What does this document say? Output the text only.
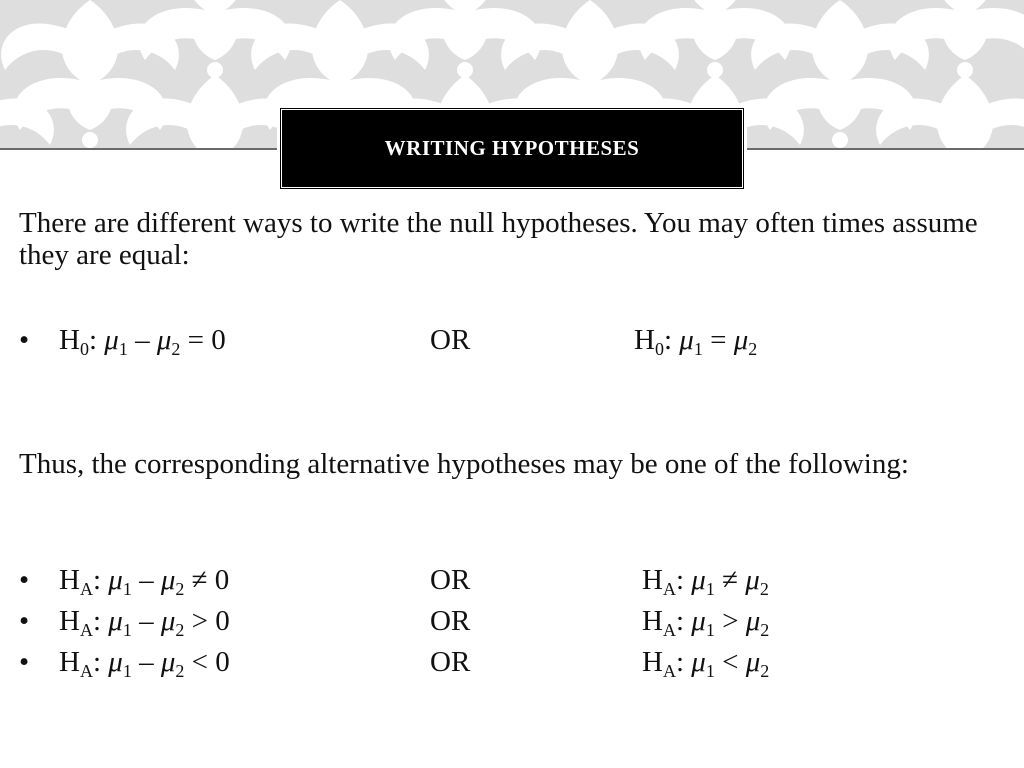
WRITING HYPOTHESES

There are different ways to write the null hypotheses. You may often times assume they are equal:

• $H_0$: $\mu_1 - \mu_2 = 0$	OR	$H_0$: $\mu_1 = \mu_2$

Thus, the corresponding alternative hypotheses may be one of the following:

• $H_A$: $\mu_1 - \mu_2 \ne 0$	OR	$H_A$: $\mu_1 \ne \mu_2$
• $H_A$: $\mu_1 - \mu_2 > 0$	OR	$H_A$: $\mu_1 > \mu_2$
• $H_A$: $\mu_1 - \mu_2 < 0$	OR	$H_A$: $\mu_1 < \mu_2$
